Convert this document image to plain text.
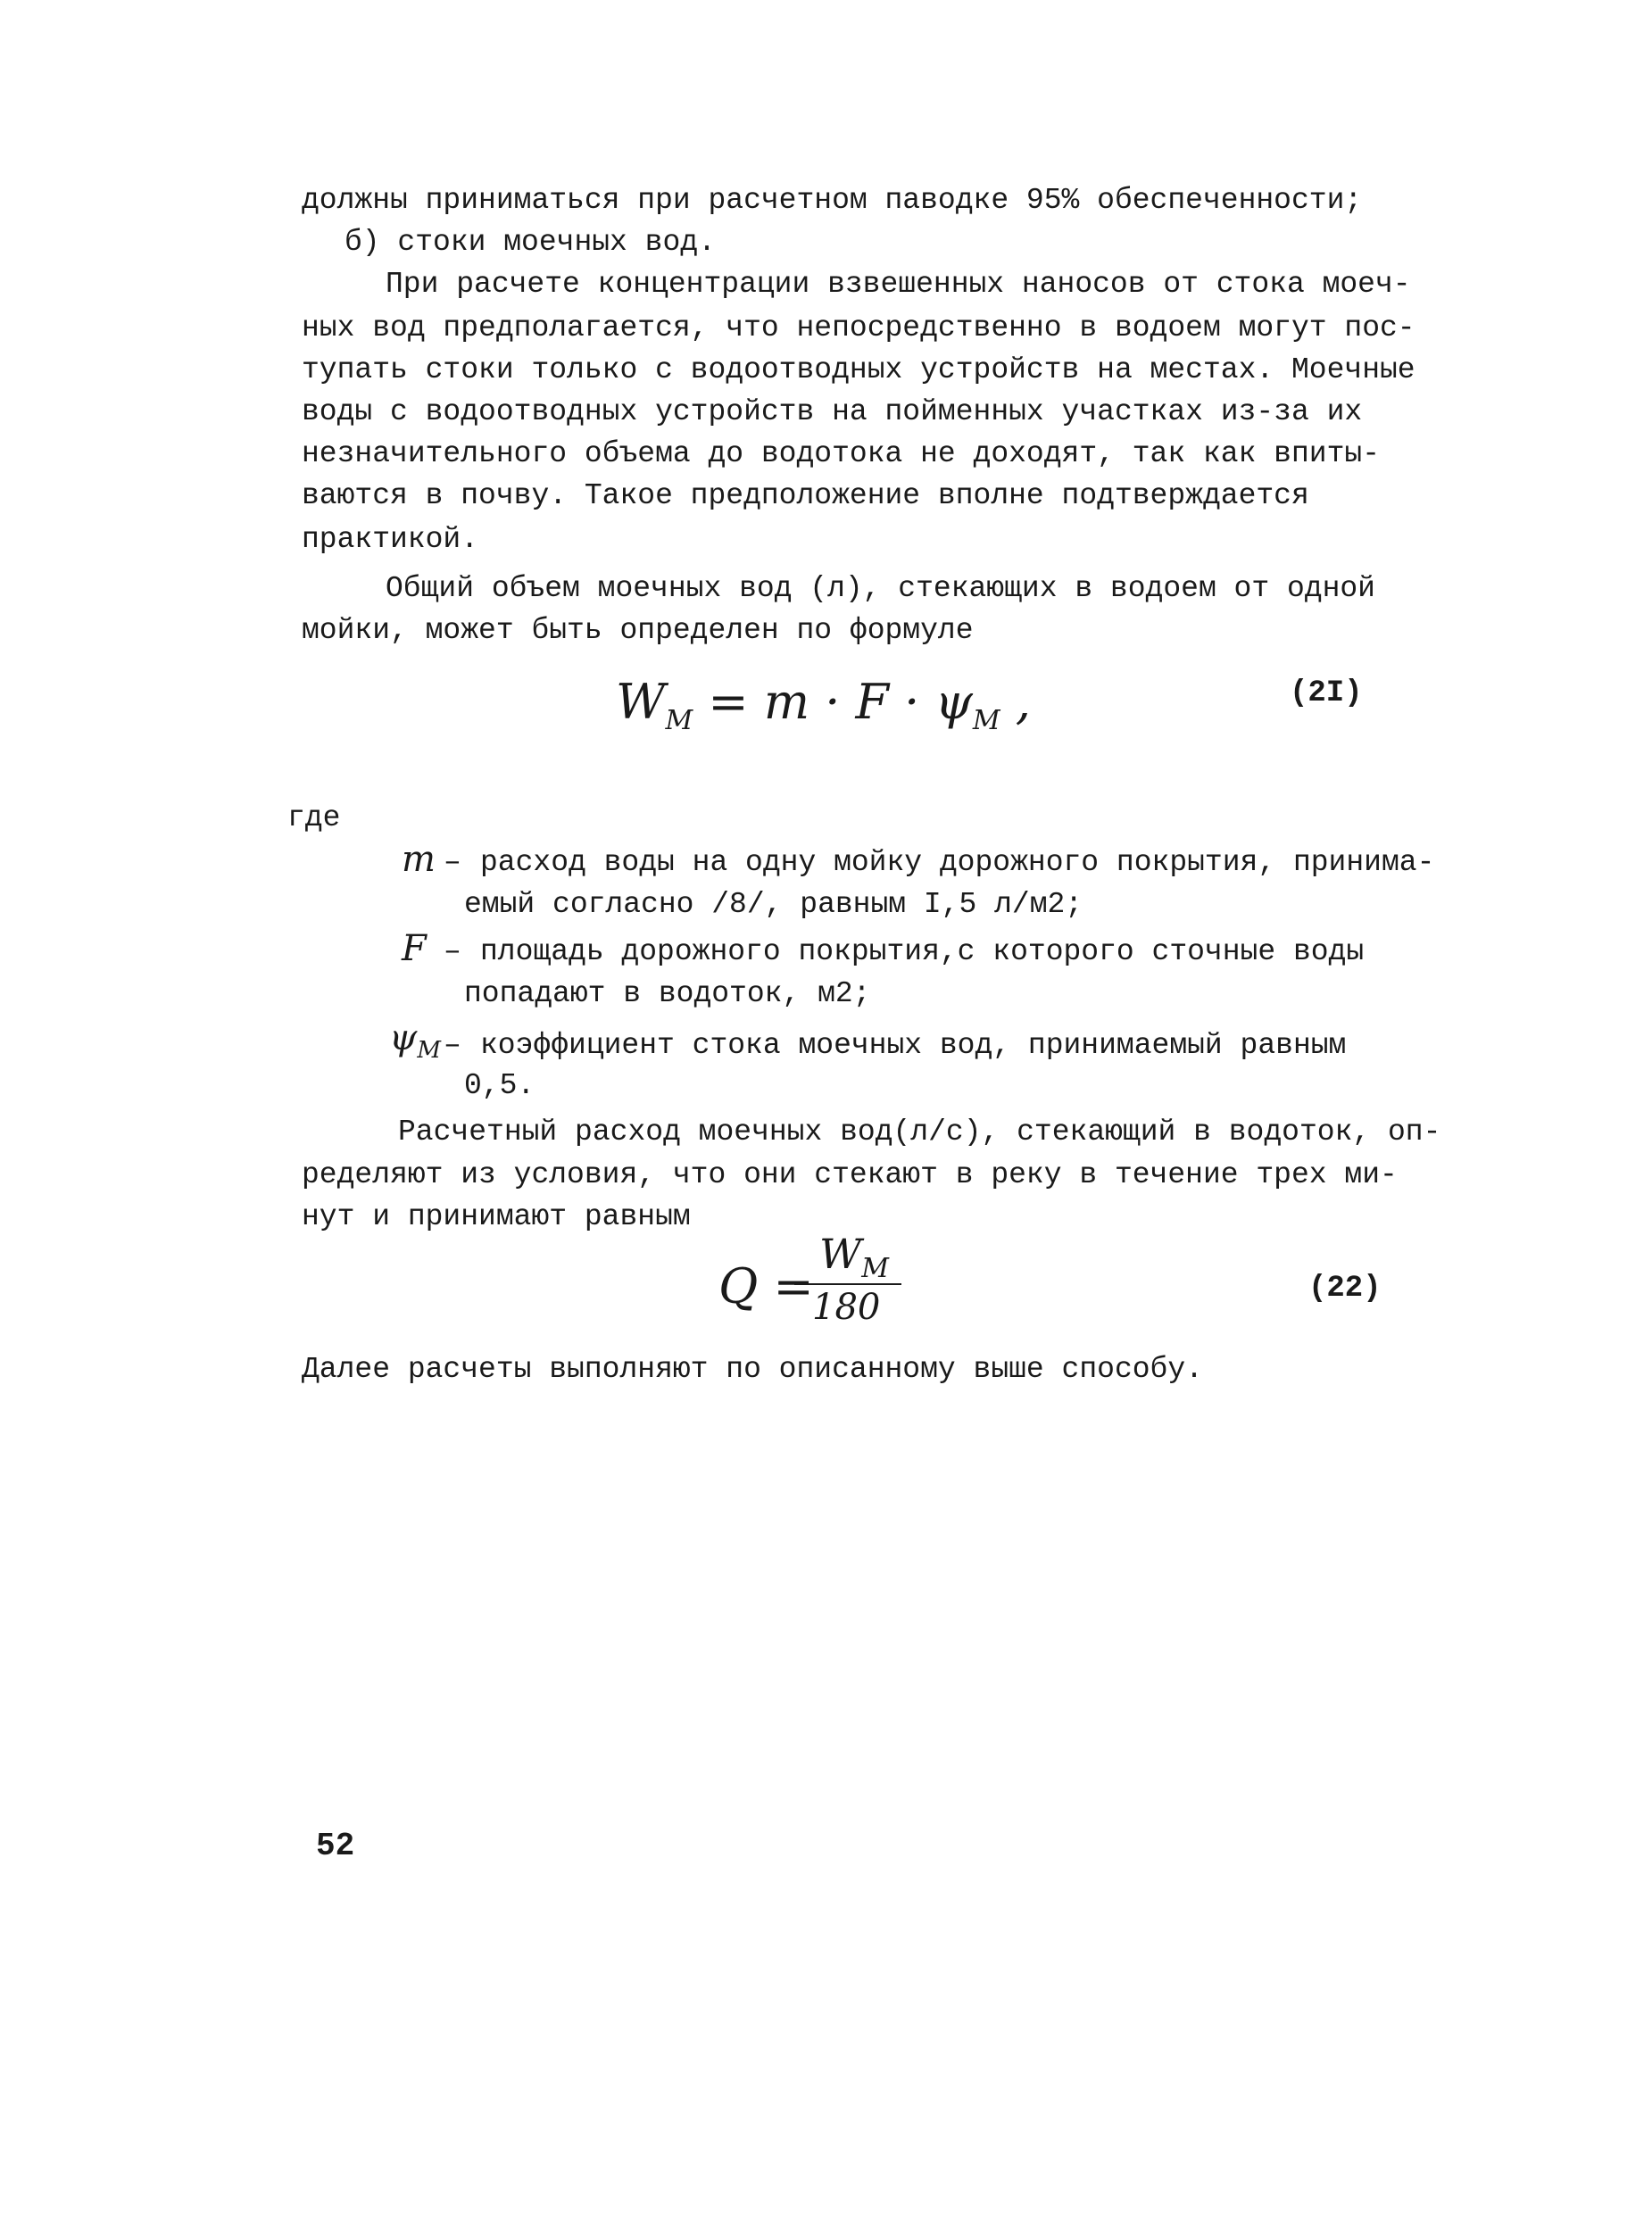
должны приниматься при расчетном паводке 95% обеспеченности;
б) стоки моечных вод.
При расчете концентрации взвешенных наносов от стока моеч-
ных вод предполагается, что непосредственно в водоем могут пос-
тупать стоки только с водоотводных устройств на местах. Моечные
воды с водоотводных устройств на пойменных участках из-за их
незначительного объема до водотока не доходят, так как впиты-
ваются в почву. Такое предположение вполне подтверждается
практикой.
Общий объем моечных вод (л), стекающих в водоем от одной
мойки, может быть определен по формуле
$W_М = m \cdot F \cdot \psi_М$ ,	(2I)
где
m – расход воды на одну мойку дорожного покрытия, принима-
емый согласно /8/, равным I,5 л/м2;
F – площадь дорожного покрытия,с которого сточные воды
попадают в водоток, м2;
$\psi_М$ – коэффициент стока моечных вод, принимаемый равным
0,5.
Расчетный расход моечных вод(л/с), стекающий в водоток, оп-
ределяют из условия, что они стекают в реку в течение трех ми-
нут и принимают равным
Q =
$W_М$
180	(22)
Далее расчеты выполняют по описанному выше способу.
52
